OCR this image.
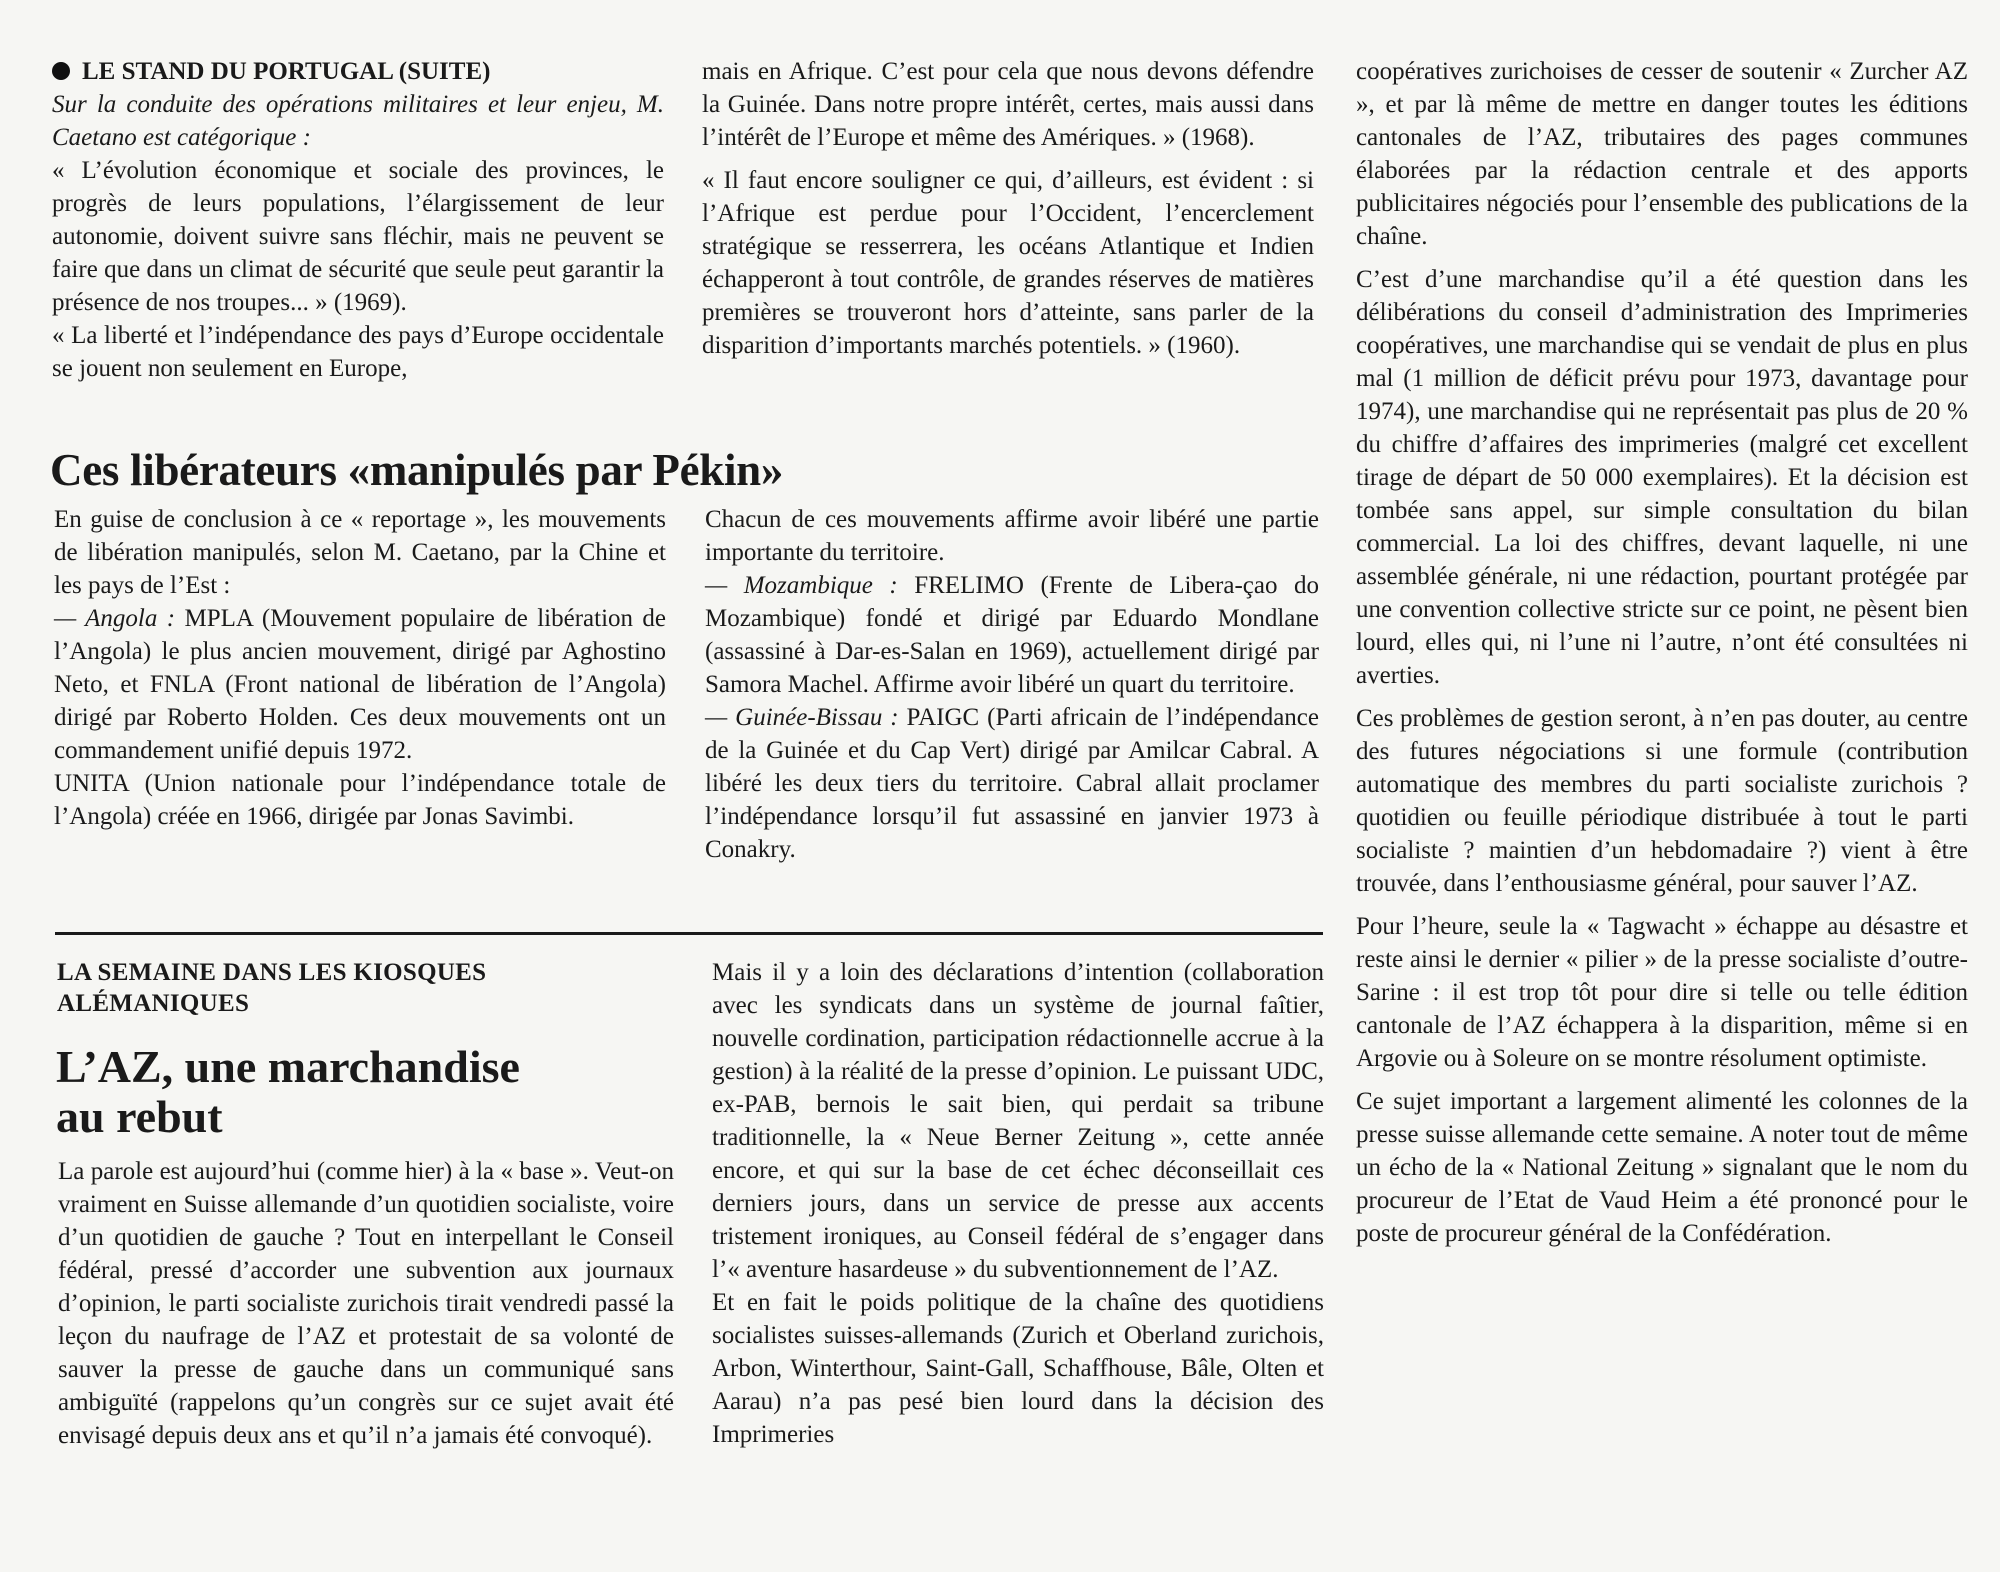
LE STAND DU PORTUGAL (SUITE)

Sur la conduite des opérations militaires et leur enjeu, M. Caetano est catégorique :

« L’évolution économique et sociale des provinces, le progrès de leurs populations, l’élargissement de leur autonomie, doivent suivre sans fléchir, mais ne peuvent se faire que dans un climat de sécurité que seule peut garantir la présence de nos troupes... » (1969).

« La liberté et l’indépendance des pays d’Europe occidentale se jouent non seulement en Europe,

mais en Afrique. C’est pour cela que nous devons défendre la Guinée. Dans notre propre intérêt, certes, mais aussi dans l’intérêt de l’Europe et même des Amériques. » (1968).

« Il faut encore souligner ce qui, d’ailleurs, est évident : si l’Afrique est perdue pour l’Occident, l’encerclement stratégique se resserrera, les océans Atlantique et Indien échapperont à tout contrôle, de grandes réserves de matières premières se trouveront hors d’atteinte, sans parler de la disparition d’importants marchés potentiels. » (1960).

Ces libérateurs «manipulés par Pékin»

En guise de conclusion à ce « reportage », les mouvements de libération manipulés, selon M. Caetano, par la Chine et les pays de l’Est :

— Angola : MPLA (Mouvement populaire de libération de l’Angola) le plus ancien mouvement, dirigé par Aghostino Neto, et FNLA (Front national de libération de l’Angola) dirigé par Roberto Holden. Ces deux mouvements ont un commandement unifié depuis 1972.

UNITA (Union nationale pour l’indépendance totale de l’Angola) créée en 1966, dirigée par Jonas Savimbi.

Chacun de ces mouvements affirme avoir libéré une partie importante du territoire.

— Mozambique : FRELIMO (Frente de Libera-çao do Mozambique) fondé et dirigé par Eduardo Mondlane (assassiné à Dar-es-Salan en 1969), actuellement dirigé par Samora Machel. Affirme avoir libéré un quart du territoire.

— Guinée-Bissau : PAIGC (Parti africain de l’indépendance de la Guinée et du Cap Vert) dirigé par Amilcar Cabral. A libéré les deux tiers du territoire. Cabral allait proclamer l’indépendance lorsqu’il fut assassiné en janvier 1973 à Conakry.

LA SEMAINE DANS LES KIOSQUES ALÉMANIQUES
L’AZ, une marchandise
au rebut

La parole est aujourd’hui (comme hier) à la « base ». Veut-on vraiment en Suisse allemande d’un quotidien socialiste, voire d’un quotidien de gauche ? Tout en interpellant le Conseil fédéral, pressé d’accorder une subvention aux journaux d’opinion, le parti socialiste zurichois tirait vendredi passé la leçon du naufrage de l’AZ et protestait de sa volonté de sauver la presse de gauche dans un communiqué sans ambiguïté (rappelons qu’un congrès sur ce sujet avait été envisagé depuis deux ans et qu’il n’a jamais été convoqué).

Mais il y a loin des déclarations d’intention (collaboration avec les syndicats dans un système de journal faîtier, nouvelle cordination, participation rédactionnelle accrue à la gestion) à la réalité de la presse d’opinion. Le puissant UDC, ex-PAB, bernois le sait bien, qui perdait sa tribune traditionnelle, la « Neue Berner Zeitung », cette année encore, et qui sur la base de cet échec déconseillait ces derniers jours, dans un service de presse aux accents tristement ironiques, au Conseil fédéral de s’engager dans l’« aventure hasardeuse » du subventionnement de l’AZ.

Et en fait le poids politique de la chaîne des quotidiens socialistes suisses-allemands (Zurich et Oberland zurichois, Arbon, Winterthour, Saint-Gall, Schaffhouse, Bâle, Olten et Aarau) n’a pas pesé bien lourd dans la décision des Imprimeries

coopératives zurichoises de cesser de soutenir « Zurcher AZ », et par là même de mettre en danger toutes les éditions cantonales de l’AZ, tributaires des pages communes élaborées par la rédaction centrale et des apports publicitaires négociés pour l’ensemble des publications de la chaîne.

C’est d’une marchandise qu’il a été question dans les délibérations du conseil d’administration des Imprimeries coopératives, une marchandise qui se vendait de plus en plus mal (1 million de déficit prévu pour 1973, davantage pour 1974), une marchandise qui ne représentait pas plus de 20 % du chiffre d’affaires des imprimeries (malgré cet excellent tirage de départ de 50 000 exemplaires). Et la décision est tombée sans appel, sur simple consultation du bilan commercial. La loi des chiffres, devant laquelle, ni une assemblée générale, ni une rédaction, pourtant protégée par une convention collective stricte sur ce point, ne pèsent bien lourd, elles qui, ni l’une ni l’autre, n’ont été consultées ni averties.

Ces problèmes de gestion seront, à n’en pas douter, au centre des futures négociations si une formule (contribution automatique des membres du parti socialiste zurichois ? quotidien ou feuille périodique distribuée à tout le parti socialiste ? maintien d’un hebdomadaire ?) vient à être trouvée, dans l’enthousiasme général, pour sauver l’AZ.

Pour l’heure, seule la « Tagwacht » échappe au désastre et reste ainsi le dernier « pilier » de la presse socialiste d’outre-Sarine : il est trop tôt pour dire si telle ou telle édition cantonale de l’AZ échappera à la disparition, même si en Argovie ou à Soleure on se montre résolument optimiste.

Ce sujet important a largement alimenté les colonnes de la presse suisse allemande cette semaine. A noter tout de même un écho de la « National Zeitung » signalant que le nom du procureur de l’Etat de Vaud Heim a été prononcé pour le poste de procureur général de la Confédération.
